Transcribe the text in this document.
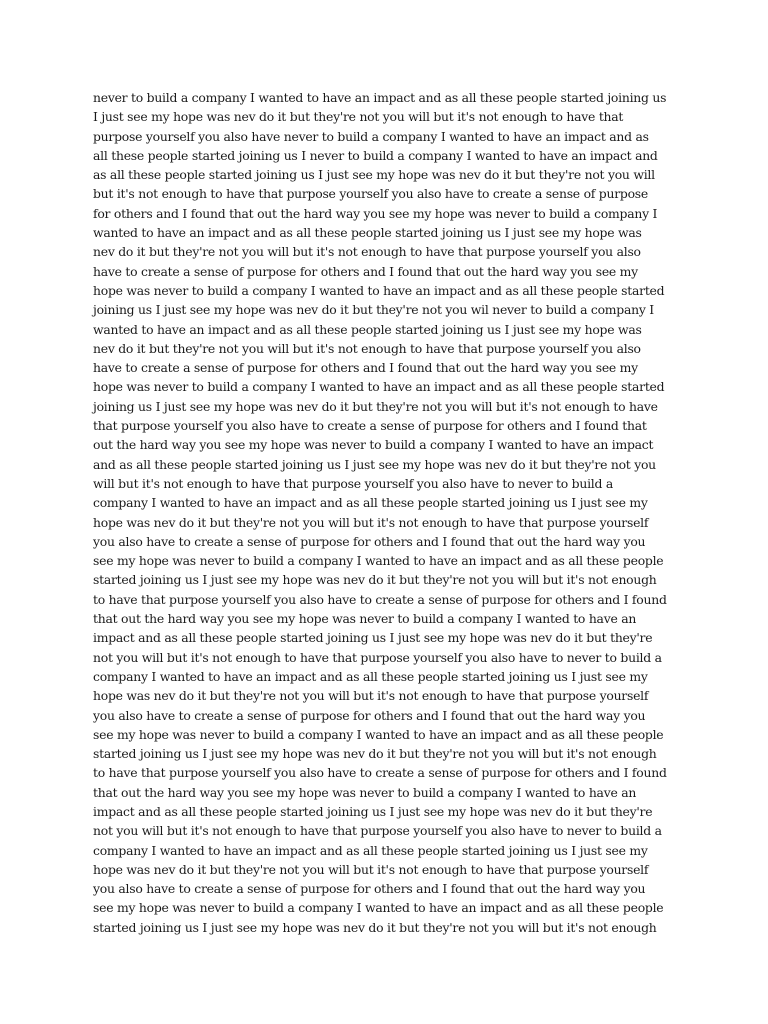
never to build a company I wanted to have an impact and as all these people started joining us
I just see my hope was nev do it but they're not you will but it's not enough to have that
purpose yourself you also have never to build a company I wanted to have an impact and as
all these people started joining us I never to build a company I wanted to have an impact and
as all these people started joining us I just see my hope was nev do it but they're not you will
but it's not enough to have that purpose yourself you also have to create a sense of purpose
for others and I found that out the hard way you see my hope was never to build a company I
wanted to have an impact and as all these people started joining us I just see my hope was
nev do it but they're not you will but it's not enough to have that purpose yourself you also
have to create a sense of purpose for others and I found that out the hard way you see my
hope was never to build a company I wanted to have an impact and as all these people started
joining us I just see my hope was nev do it but they're not you wil never to build a company I
wanted to have an impact and as all these people started joining us I just see my hope was
nev do it but they're not you will but it's not enough to have that purpose yourself you also
have to create a sense of purpose for others and I found that out the hard way you see my
hope was never to build a company I wanted to have an impact and as all these people started
joining us I just see my hope was nev do it but they're not you will but it's not enough to have
that purpose yourself you also have to create a sense of purpose for others and I found that
out the hard way you see my hope was never to build a company I wanted to have an impact
and as all these people started joining us I just see my hope was nev do it but they're not you
will but it's not enough to have that purpose yourself you also have to never to build a
company I wanted to have an impact and as all these people started joining us I just see my
hope was nev do it but they're not you will but it's not enough to have that purpose yourself
you also have to create a sense of purpose for others and I found that out the hard way you
see my hope was never to build a company I wanted to have an impact and as all these people
started joining us I just see my hope was nev do it but they're not you will but it's not enough
to have that purpose yourself you also have to create a sense of purpose for others and I found
that out the hard way you see my hope was never to build a company I wanted to have an
impact and as all these people started joining us I just see my hope was nev do it but they're
not you will but it's not enough to have that purpose yourself you also have to never to build a
company I wanted to have an impact and as all these people started joining us I just see my
hope was nev do it but they're not you will but it's not enough to have that purpose yourself
you also have to create a sense of purpose for others and I found that out the hard way you
see my hope was never to build a company I wanted to have an impact and as all these people
started joining us I just see my hope was nev do it but they're not you will but it's not enough
to have that purpose yourself you also have to create a sense of purpose for others and I found
that out the hard way you see my hope was never to build a company I wanted to have an
impact and as all these people started joining us I just see my hope was nev do it but they're
not you will but it's not enough to have that purpose yourself you also have to never to build a
company I wanted to have an impact and as all these people started joining us I just see my
hope was nev do it but they're not you will but it's not enough to have that purpose yourself
you also have to create a sense of purpose for others and I found that out the hard way you
see my hope was never to build a company I wanted to have an impact and as all these people
started joining us I just see my hope was nev do it but they're not you will but it's not enough
